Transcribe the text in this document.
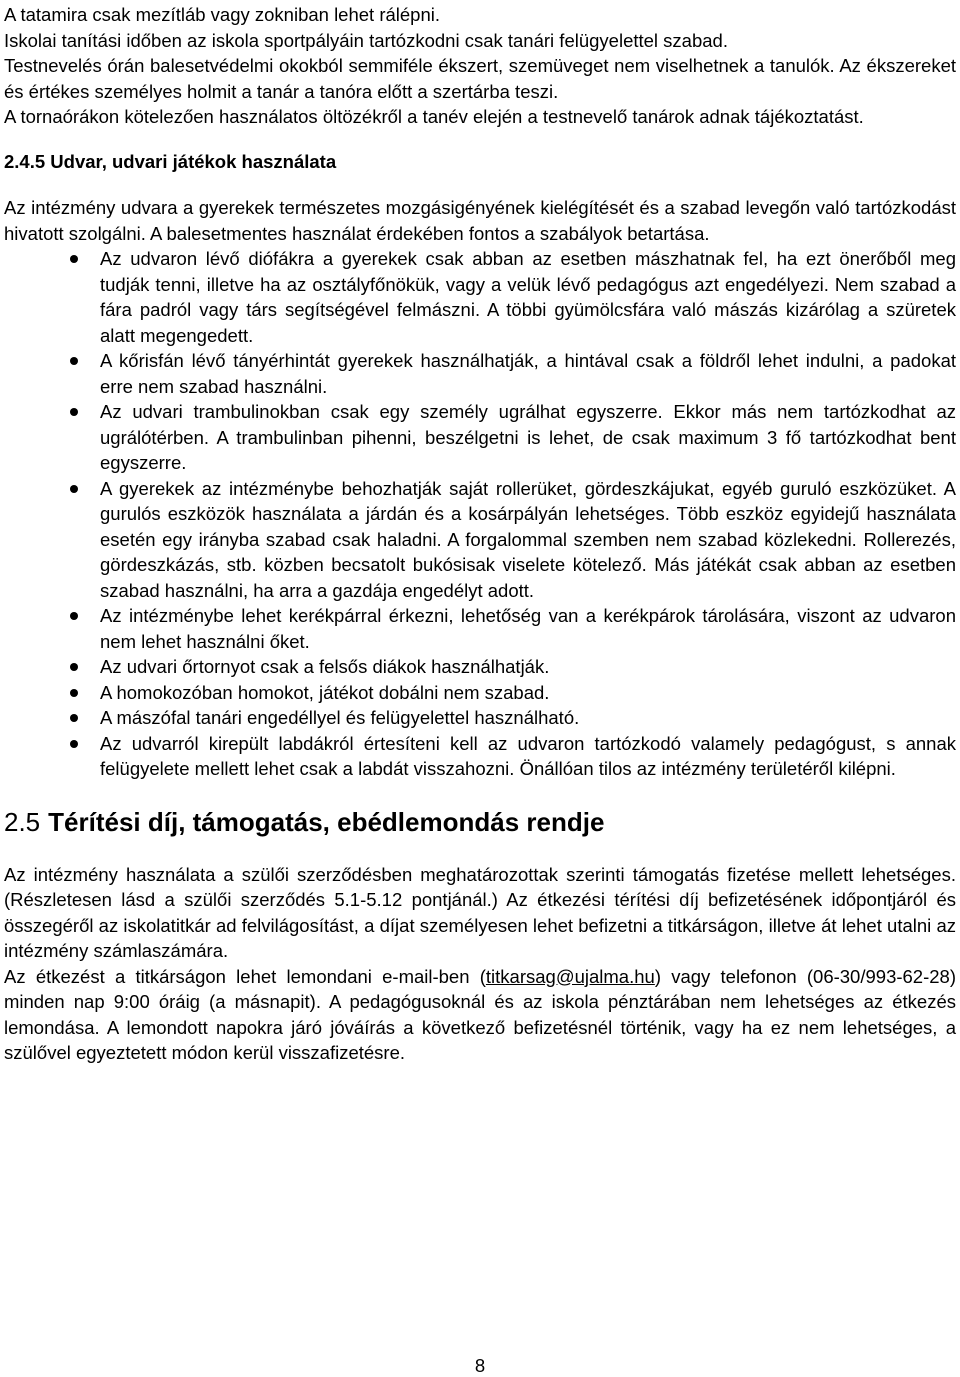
A tatamira csak mezítláb vagy zokniban lehet rálépni.

Iskolai tanítási időben az iskola sportpályáin tartózkodni csak tanári felügyelettel szabad.

Testnevelés órán balesetvédelmi okokból semmiféle ékszert, szemüveget nem viselhetnek a tanulók. Az ékszereket és értékes személyes holmit a tanár a tanóra előtt a szertárba teszi.

A tornaórákon kötelezően használatos öltözékről a tanév elején a testnevelő tanárok adnak tájékoztatást.

2.4.5 Udvar, udvari játékok használata

Az intézmény udvara a gyerekek természetes mozgásigényének kielégítését és a szabad levegőn való tartózkodást hivatott szolgálni. A balesetmentes használat érdekében fontos a szabályok betartása.

Az udvaron lévő diófákra a gyerekek csak abban az esetben mászhatnak fel, ha ezt önerőből meg tudják tenni, illetve ha az osztályfőnökük, vagy a velük lévő pedagógus azt engedélyezi. Nem szabad a fára padról vagy társ segítségével felmászni. A többi gyümölcsfára való mászás kizárólag a szüretek alatt megengedett.
A kőrisfán lévő tányérhintát gyerekek használhatják, a hintával csak a földről lehet indulni, a padokat erre nem szabad használni.
Az udvari trambulinokban csak egy személy ugrálhat egyszerre. Ekkor más nem tartózkodhat az ugrálótérben. A trambulinban pihenni, beszélgetni is lehet, de csak maximum 3 fő tartózkodhat bent egyszerre.
A gyerekek az intézménybe behozhatják saját rollerüket, gördeszkájukat, egyéb guruló eszközüket. A gurulós eszközök használata a járdán és a kosárpályán lehetséges. Több eszköz egyidejű használata esetén egy irányba szabad csak haladni. A forgalommal szemben nem szabad közlekedni. Rollerezés, gördeszkázás, stb. közben becsatolt bukósisak viselete kötelező. Más játékát csak abban az esetben szabad használni, ha arra a gazdája engedélyt adott.
Az intézménybe lehet kerékpárral érkezni, lehetőség van a kerékpárok tárolására, viszont az udvaron nem lehet használni őket.
Az udvari őrtornyot csak a felsős diákok használhatják.
A homokozóban homokot, játékot dobálni nem szabad.
A mászófal tanári engedéllyel és felügyelettel használható.
Az udvarról kirepült labdákról értesíteni kell az udvaron tartózkodó valamely pedagógust, s annak felügyelete mellett lehet csak a labdát visszahozni. Önállóan tilos az intézmény területéről kilépni.
2.5 Térítési díj, támogatás, ebédlemondás rendje

Az intézmény használata a szülői szerződésben meghatározottak szerinti támogatás fizetése mellett lehetséges. (Részletesen lásd a szülői szerződés 5.1-5.12 pontjánál.) Az étkezési térítési díj befizetésének időpontjáról és összegéről az iskolatitkár ad felvilágosítást, a díjat személyesen lehet befizetni a titkárságon, illetve át lehet utalni az intézmény számlaszámára.

Az étkezést a titkárságon lehet lemondani e-mail-ben (titkarsag@ujalma.hu) vagy telefonon (06-30/993-62-28) minden nap 9:00 óráig (a másnapit). A pedagógusoknál és az iskola pénztárában nem lehetséges az étkezés lemondása. A lemondott napokra járó jóváírás a következő befizetésnél történik, vagy ha ez nem lehetséges, a szülővel egyeztetett módon kerül visszafizetésre.

8
